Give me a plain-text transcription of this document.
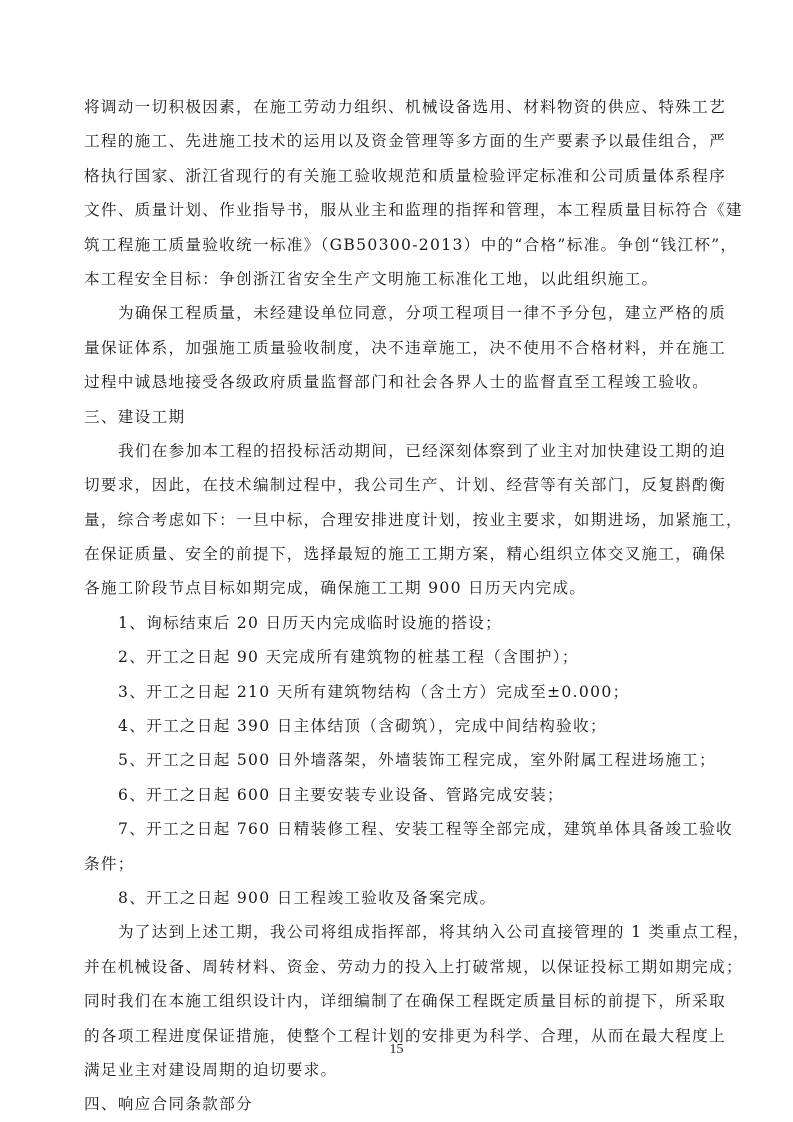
将调动一切积极因素，在施工劳动力组织、机械设备选用、材料物资的供应、特殊工艺
工程的施工、先进施工技术的运用以及资金管理等多方面的生产要素予以最佳组合，严
格执行国家、浙江省现行的有关施工验收规范和质量检验评定标准和公司质量体系程序
文件、质量计划、作业指导书，服从业主和监理的指挥和管理，本工程质量目标符合《建
筑工程施工质量验收统一标准》（GB50300-2013）中的“合格”标准。争创“钱江杯”，
本工程安全目标：争创浙江省安全生产文明施工标准化工地，以此组织施工。
为确保工程质量，未经建设单位同意，分项工程项目一律不予分包，建立严格的质
量保证体系，加强施工质量验收制度，决不违章施工，决不使用不合格材料，并在施工
过程中诚恳地接受各级政府质量监督部门和社会各界人士的监督直至工程竣工验收。
三、建设工期
我们在参加本工程的招投标活动期间，已经深刻体察到了业主对加快建设工期的迫
切要求，因此，在技术编制过程中，我公司生产、计划、经营等有关部门，反复斟酌衡
量，综合考虑如下：一旦中标，合理安排进度计划，按业主要求，如期进场，加紧施工，
在保证质量、安全的前提下，选择最短的施工工期方案，精心组织立体交叉施工，确保
各施工阶段节点目标如期完成，确保施工工期 900 日历天内完成。
1、询标结束后 20 日历天内完成临时设施的搭设；
2、开工之日起 90 天完成所有建筑物的桩基工程（含围护）；
3、开工之日起 210 天所有建筑物结构（含土方）完成至±0.000；
4、开工之日起 390 日主体结顶（含砌筑），完成中间结构验收；
5、开工之日起 500 日外墙落架，外墙装饰工程完成，室外附属工程进场施工；
6、开工之日起 600 日主要安装专业设备、管路完成安装；
7、开工之日起 760 日精装修工程、安装工程等全部完成，建筑单体具备竣工验收
条件；
8、开工之日起 900 日工程竣工验收及备案完成。
为了达到上述工期，我公司将组成指挥部，将其纳入公司直接管理的 1 类重点工程，
并在机械设备、周转材料、资金、劳动力的投入上打破常规，以保证投标工期如期完成；
同时我们在本施工组织设计内，详细编制了在确保工程既定质量目标的前提下，所采取
的各项工程进度保证措施，使整个工程计划的安排更为科学、合理，从而在最大程度上
满足业主对建设周期的迫切要求。
四、响应合同条款部分
15
